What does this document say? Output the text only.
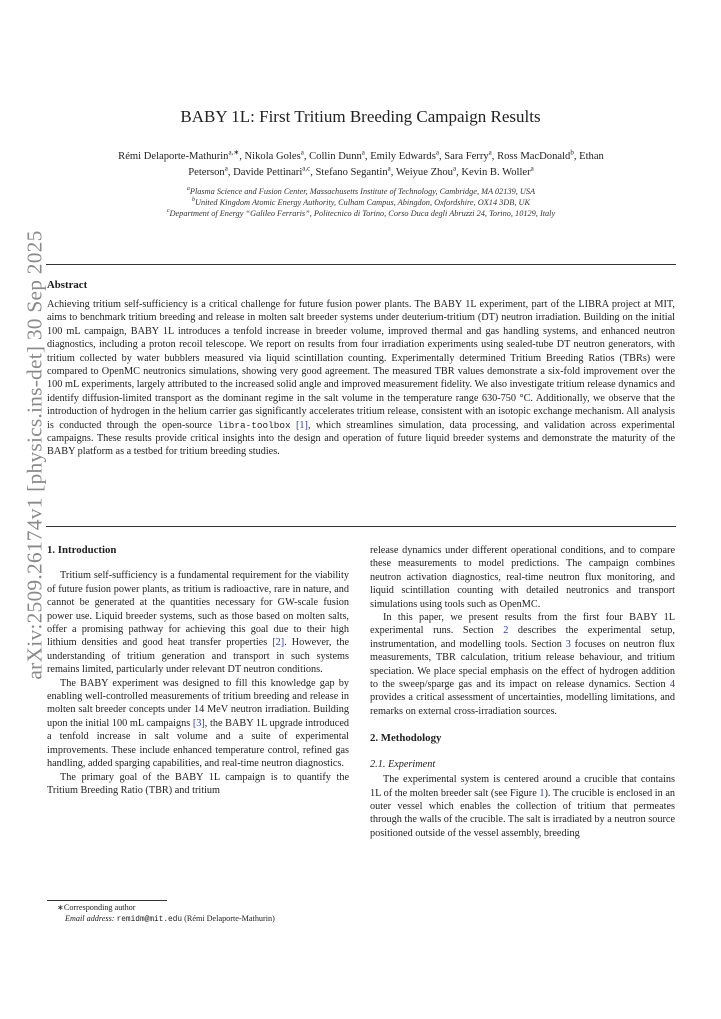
arXiv:2509.26174v1 [physics.ins-det] 30 Sep 2025
BABY 1L: First Tritium Breeding Campaign Results
Rémi Delaporte-Mathurin$^{a,∗}$, Nikola Goles$^a$, Collin Dunn$^a$, Emily Edwards$^a$, Sara Ferry$^a$, Ross MacDonald$^b$, Ethan
Peterson$^a$, Davide Pettinari$^{a,c}$, Stefano Segantin$^a$, Weiyue Zhou$^a$, Kevin B. Woller$^a$
$^a$Plasma Science and Fusion Center, Massachusetts Institute of Technology, Cambridge, MA 02139, USA
$^b$United Kingdom Atomic Energy Authority, Culham Campus, Abingdon, Oxfordshire, OX14 3DB, UK
$^c$Department of Energy “Galileo Ferraris”, Politecnico di Torino, Corso Duca degli Abruzzi 24, Torino, 10129, Italy
Abstract
Achieving tritium self-sufficiency is a critical challenge for future fusion power plants. The BABY 1L experiment, part of the LIBRA project at MIT, aims to benchmark tritium breeding and release in molten salt breeder systems under deuterium-tritium (DT) neutron irradiation. Building on the initial 100 mL campaign, BABY 1L introduces a tenfold increase in breeder volume, improved thermal and gas handling systems, and enhanced neutron diagnostics, including a proton recoil telescope. We report on results from four irradiation experiments using sealed-tube DT neutron generators, with tritium collected by water bubblers measured via liquid scintillation counting. Experimentally determined Tritium Breeding Ratios (TBRs) were compared to OpenMC neutronics simulations, showing very good agreement. The measured TBR values demonstrate a six-fold improvement over the 100 mL experiments, largely attributed to the increased solid angle and improved measurement fidelity. We also investigate tritium release dynamics and identify diffusion-limited transport as the dominant regime in the salt volume in the temperature range 630-750 °C. Additionally, we observe that the introduction of hydrogen in the helium carrier gas significantly accelerates tritium release, consistent with an isotopic exchange mechanism. All analysis is conducted through the open-source libra-toolbox [1], which streamlines simulation, data processing, and validation across experimental campaigns. These results provide critical insights into the design and operation of future liquid breeder systems and demonstrate the maturity of the BABY platform as a testbed for tritium breeding studies.
1. Introduction

Tritium self-sufficiency is a fundamental requirement for the viability of future fusion power plants, as tritium is radioactive, rare in nature, and cannot be generated at the quantities necessary for GW-scale fusion power use. Liquid breeder systems, such as those based on molten salts, offer a promising pathway for achieving this goal due to their high lithium densities and good heat transfer properties [2]. However, the understanding of tritium generation and transport in such systems remains limited, particularly under relevant DT neutron conditions.

The BABY experiment was designed to fill this knowledge gap by enabling well-controlled measurements of tritium breeding and release in molten salt breeder concepts under 14 MeV neutron irradiation. Building upon the initial 100 mL campaigns [3], the BABY 1L upgrade introduced a tenfold increase in salt volume and a suite of experimental improvements. These include enhanced temperature control, refined gas handling, added sparging capabilities, and real-time neutron diagnostics.

The primary goal of the BABY 1L campaign is to quantify the Tritium Breeding Ratio (TBR) and tritium

release dynamics under different operational conditions, and to compare these measurements to model predictions. The campaign combines neutron activation diagnostics, real-time neutron flux monitoring, and liquid scintillation counting with detailed neutronics and transport simulations using tools such as OpenMC.

In this paper, we present results from the first four BABY 1L experimental runs. Section 2 describes the experimental setup, instrumentation, and modelling tools. Section 3 focuses on neutron flux measurements, TBR calculation, tritium release behaviour, and tritium speciation. We place special emphasis on the effect of hydrogen addition to the sweep/sparge gas and its impact on release dynamics. Section 4 provides a critical assessment of uncertainties, modelling limitations, and remarks on external cross-irradiation sources.

2. Methodology
2.1. Experiment

The experimental system is centered around a crucible that contains 1L of the molten breeder salt (see Figure 1). The crucible is enclosed in an outer vessel which enables the collection of tritium that permeates through the walls of the crucible. The salt is irradiated by a neutron source positioned outside of the vessel assembly, breeding

∗Corresponding author
Email address: remidm@mit.edu (Rémi Delaporte-Mathurin)
